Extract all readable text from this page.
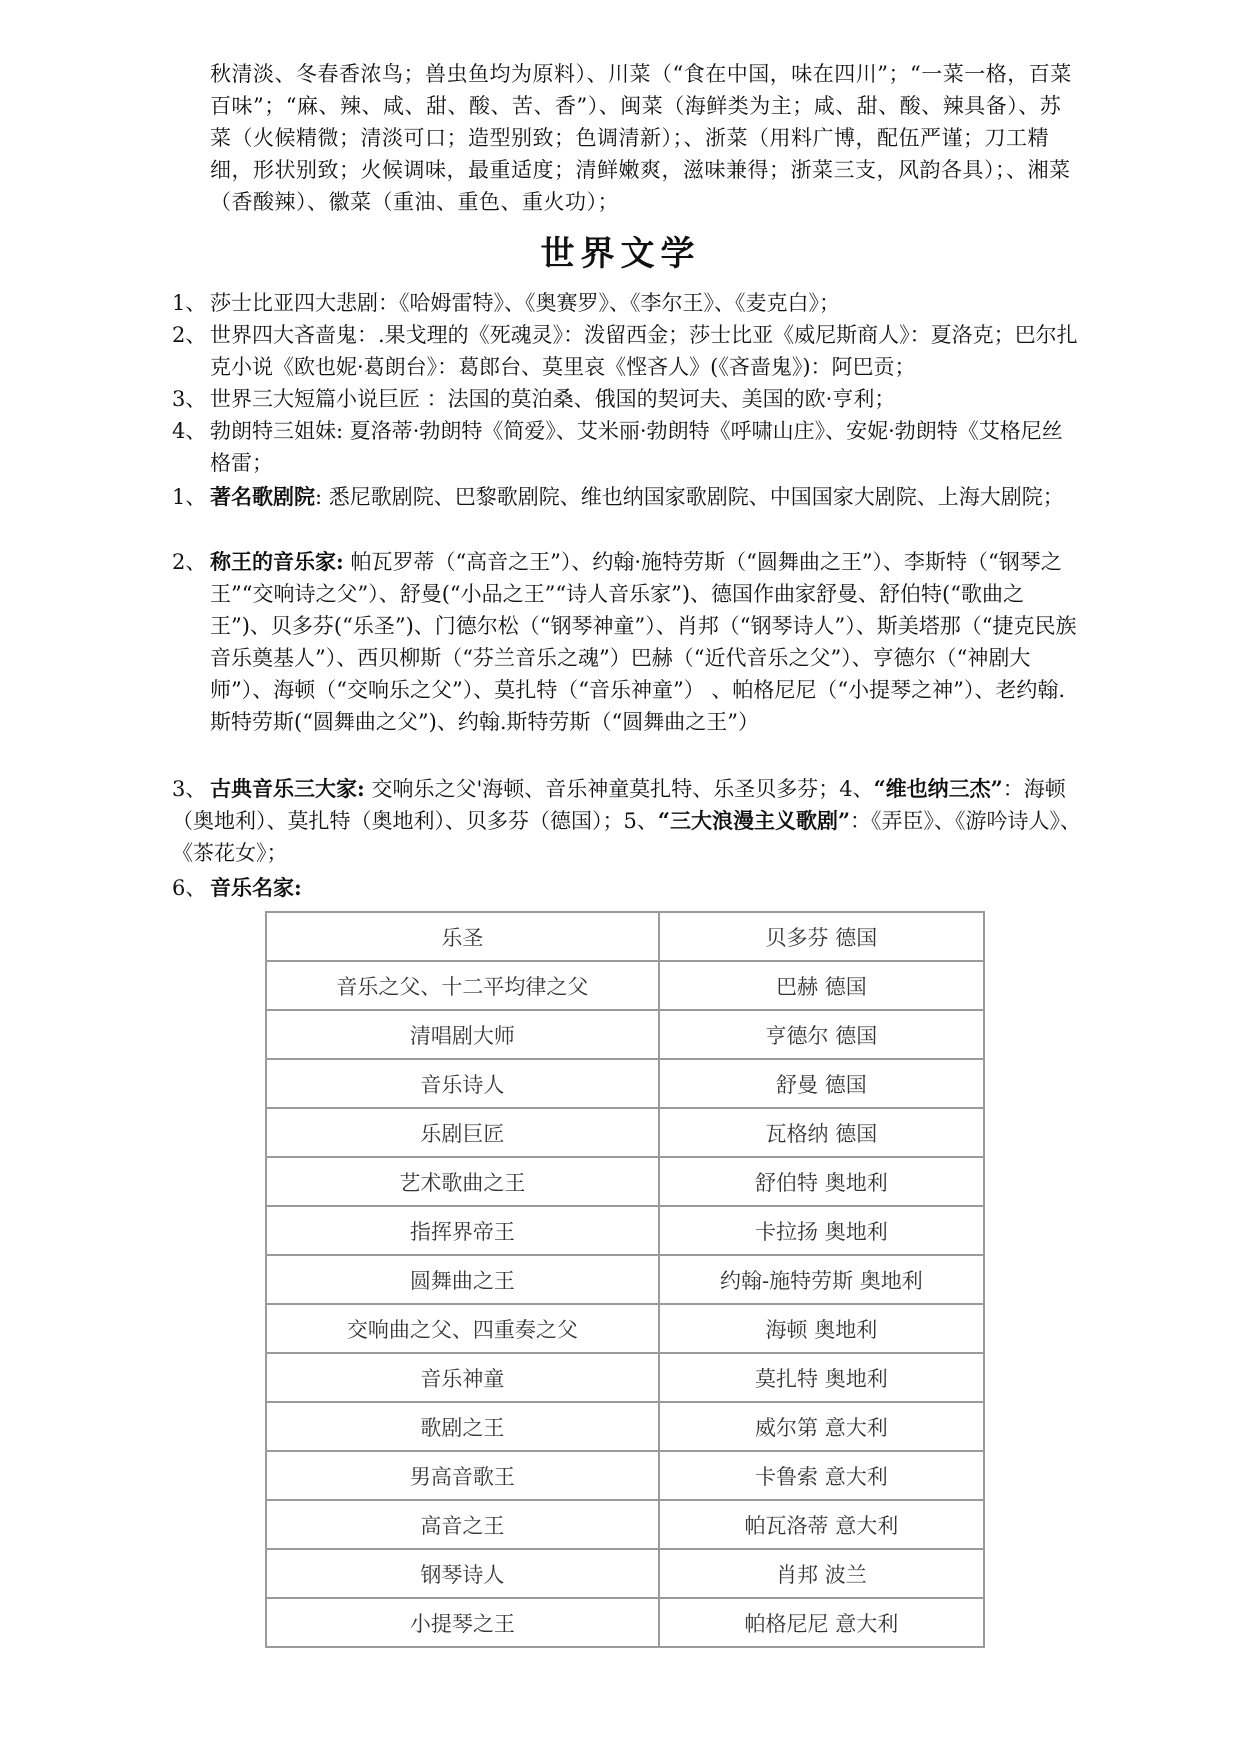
秋清淡、冬春香浓鸟；兽虫鱼均为原料）、川菜（“食在中国，味在四川”；“一菜一格，百菜百味”；“麻、辣、咸、甜、酸、苦、香”）、闽菜（海鲜类为主；咸、甜、酸、辣具备）、苏菜（火候精微；清淡可口；造型别致；色调清新）；、浙菜（用料广博，配伍严谨；刀工精细，形状别致；火候调味，最重适度；清鲜嫩爽，滋味兼得；浙菜三支，风韵各具）；、湘菜（香酸辣）、徽菜（重油、重色、重火功）；
世界文学
1、 莎士比亚四大悲剧：《哈姆雷特》、《奥赛罗》、《李尔王》、《麦克白》；
2、 世界四大吝啬鬼：.果戈理的《死魂灵》：泼留西金；莎士比亚《威尼斯商人》：夏洛克；巴尔扎克小说《欧也妮·葛朗台》：葛郎台、莫里哀《悭吝人》(《吝啬鬼》)：阿巴贡；
3、 世界三大短篇小说巨匠 ：法国的莫泊桑、俄国的契诃夫、美国的欧·亨利；
4、 勃朗特三姐妹: 夏洛蒂·勃朗特《简爱》、艾米丽·勃朗特《呼啸山庄》、安妮·勃朗特《艾格尼丝格雷；
1、 著名歌剧院: 悉尼歌剧院、巴黎歌剧院、维也纳国家歌剧院、中国国家大剧院、上海大剧院；
2、 称王的音乐家: 帕瓦罗蒂（“高音之王”）、约翰·施特劳斯（“圆舞曲之王”）、李斯特（“钢琴之王”“交响诗之父”）、舒曼(“小品之王”“诗人音乐家”)、德国作曲家舒曼、舒伯特(“歌曲之王”)、贝多芬(“乐圣”)、门德尔松（“钢琴神童”）、肖邦（“钢琴诗人”）、斯美塔那（“捷克民族音乐奠基人”）、西贝柳斯（“芬兰音乐之魂”）巴赫（“近代音乐之父”）、亨德尔（“神剧大师”）、海顿（“交响乐之父”）、莫扎特（“音乐神童”） 、帕格尼尼（“小提琴之神”）、老约翰.斯特劳斯(“圆舞曲之父”)、约翰.斯特劳斯（“圆舞曲之王”）
3、 古典音乐三大家: 交响乐之父'海顿、音乐神童莫扎特、乐圣贝多芬；4、“维也纳三杰”：海顿（奥地利）、莫扎特（奥地利）、贝多芬（德国）；5、“三大浪漫主义歌剧”：《弄臣》、《游吟诗人》、《茶花女》；
6、 音乐名家:
乐圣	贝多芬 德国
音乐之父、十二平均律之父	巴赫 德国
清唱剧大师	亨德尔 德国
音乐诗人	舒曼 德国
乐剧巨匠	瓦格纳 德国
艺术歌曲之王	舒伯特 奥地利
指挥界帝王	卡拉扬 奥地利
圆舞曲之王	约翰-施特劳斯 奥地利
交响曲之父、四重奏之父	海顿 奥地利
音乐神童	莫扎特 奥地利
歌剧之王	威尔第 意大利
男高音歌王	卡鲁索 意大利
高音之王	帕瓦洛蒂 意大利
钢琴诗人	肖邦 波兰
小提琴之王	帕格尼尼 意大利
